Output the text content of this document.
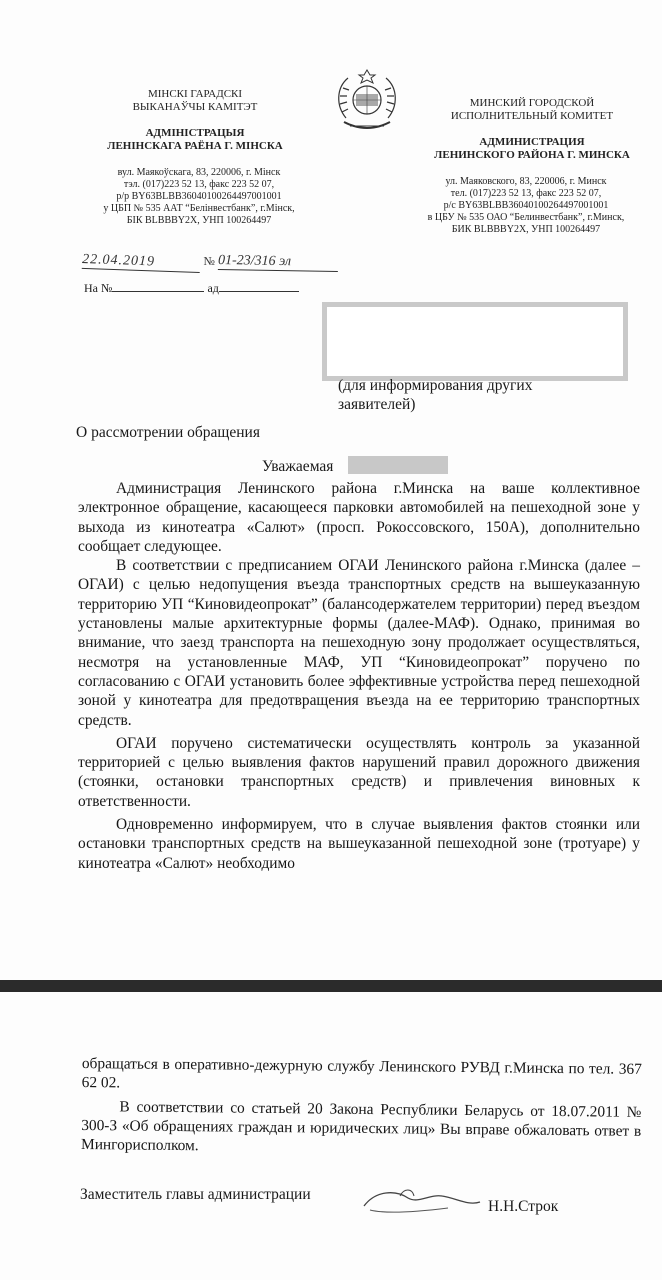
МІНСКІ ГАРАДСКІ
ВЫКАНАЎЧЫ КАМІТЭТ
АДМІНІСТРАЦЫЯ
ЛЕНІНСКАГА РАЁНА Г. МІНСКА
вул. Маякоўскага, 83, 220006, г. Мінск
тэл. (017)223 52 13, факс 223 52 07,
р/р BY63BLBB36040100264497001001
у ЦБП № 535 ААТ “Белінвестбанк”, г.Мінск,
БІК BLBBBY2X, УНП 100264497
МИНСКИЙ ГОРОДСКОЙ
ИСПОЛНИТЕЛЬНЫЙ КОМИТЕТ
АДМИНИСТРАЦИЯ
ЛЕНИНСКОГО РАЙОНА Г. МИНСКА
ул. Маяковского, 83, 220006, г. Минск
тел. (017)223 52 13, факс 223 52 07,
р/с BY63BLBB36040100264497001001
в ЦБУ № 535 ОАО “Белинвестбанк”, г.Минск,
БИК BLBBBY2X, УНП 100264497
22.04.2019	№ 01-23/316 эл
На №	ад
(для информирования других
заявителей)
О рассмотрении обращения
Уважаемая

Администрация Ленинского района г.Минска на ваше коллективное электронное обращение, касающееся парковки автомобилей на пешеходной зоне у выхода из кинотеатра «Салют» (просп. Рокоссовского, 150А), дополнительно сообщает следующее.

В соответствии с предписанием ОГАИ Ленинского района г.Минска (далее – ОГАИ) с целью недопущения въезда транспортных средств на вышеуказанную территорию УП “Киновидеопрокат” (балансодержателем территории) перед въездом установлены малые архитектурные формы (далее-МАФ). Однако, принимая во внимание, что заезд транспорта на пешеходную зону продолжает осуществляться, несмотря на установленные МАФ, УП “Киновидеопрокат” поручено по согласованию с ОГАИ установить более эффективные устройства перед пешеходной зоной у кинотеатра для предотвращения въезда на ее территорию транспортных средств.

ОГАИ поручено систематически осуществлять контроль за указанной территорией с целью выявления фактов нарушений правил дорожного движения (стоянки, остановки транспортных средств) и привлечения виновных к ответственности.

Одновременно информируем, что в случае выявления фактов стоянки или остановки транспортных средств на вышеуказанной пешеходной зоне (тротуаре) у кинотеатра «Салют» необходимо

обращаться в оперативно-дежурную службу Ленинского РУВД г.Минска по тел. 367 62 02.

В соответствии со статьей 20 Закона Республики Беларусь от 18.07.2011 № 300-З «Об обращениях граждан и юридических лиц» Вы вправе обжаловать ответ в Мингорисполком.

Заместитель главы администрации
Н.Н.Строк
